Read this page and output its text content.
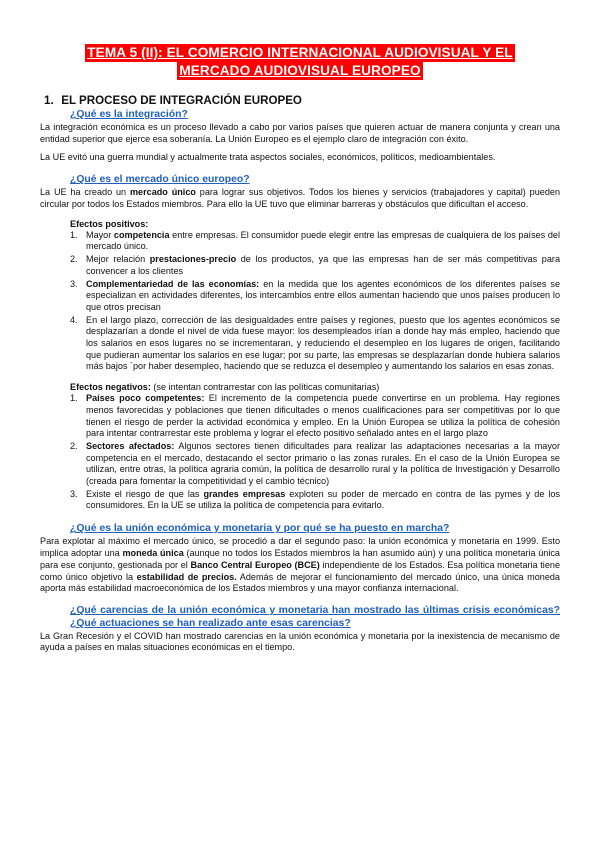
TEMA 5 (II): EL COMERCIO INTERNACIONAL AUDIOVISUAL Y EL
MERCADO AUDIOVISUAL EUROPEO
1. EL PROCESO DE INTEGRACIÓN EUROPEO
¿Qué es la integración?

La integración económica es un proceso llevado a cabo por varios países que quieren actuar de manera conjunta y crean una entidad superior que ejerce esa soberanía. La Unión Europeo es el ejemplo claro de integración con éxito.

La UE evitó una guerra mundial y actualmente trata aspectos sociales, económicos, políticos, medioambientales.

¿Qué es el mercado único europeo?

La UE ha creado un mercado único para lograr sus objetivos. Todos los bienes y servicios (trabajadores y capital) pueden circular por todos los Estados miembros. Para ello la UE tuvo que eliminar barreras y obstáculos que dificultan el acceso.

Efectos positivos:
1. Mayor competencia entre empresas. El consumidor puede elegir entre las empresas de cualquiera de los países del mercado único.
2. Mejor relación prestaciones-precio de los productos, ya que las empresas han de ser más competitivas para convencer a los clientes
3. Complementariedad de las economías: en la medida que los agentes económicos de los diferentes países se especializan en actividades diferentes, los intercambios entre ellos aumentan haciendo que unos países producen lo que otros precisan
4. En el largo plazo, corrección de las desigualdades entre países y regiones, puesto que los agentes económicos se desplazarían a donde el nivel de vida fuese mayor: los desempleados irían a donde hay más empleo, haciendo que los salarios en esos lugares no se incrementaran, y reduciendo el desempleo en los lugares de origen, facilitando que pudieran aumentar los salarios en ese lugar; por su parte, las empresas se desplazarían donde hubiera salarios más bajos `por haber desempleo, haciendo que se reduzca el desempleo y aumentando los salarios en esas zonas.
Efectos negativos: (se intentan contrarrestar con las políticas comunitarias)
1. Países poco competentes: El incremento de la competencia puede convertirse en un problema. Hay regiones menos favorecidas y poblaciones que tienen dificultades o menos cualificaciones para ser competitivas por lo que tienen el riesgo de perder la actividad económica y empleo. En la Unión Europea se utiliza la política de cohesión para intentar contrarrestar este problema y lograr el efecto positivo señalado antes en el largo plazo
2. Sectores afectados: Algunos sectores tienen dificultades para realizar las adaptaciones necesarias a la mayor competencia en el mercado, destacando el sector primario o las zonas rurales. En el caso de la Unión Europea se utilizan, entre otras, la política agraria común, la política de desarrollo rural y la política de Investigación y Desarrollo (creada para fomentar la competitividad y el cambio técnico)
3. Existe el riesgo de que las grandes empresas exploten su poder de mercado en contra de las pymes y de los consumidores. En la UE se utiliza la política de competencia para evitarlo.
¿Qué es la unión económica y monetaria y por qué se ha puesto en marcha?

Para explotar al máximo el mercado único, se procedió a dar el segundo paso: la unión económica y monetaria en 1999. Esto implica adoptar una moneda única (aunque no todos los Estados miembros la han asumido aún) y una política monetaria única para ese conjunto, gestionada por el Banco Central Europeo (BCE) independiente de los Estados. Esa política monetaria tiene como único objetivo la estabilidad de precios. Además de mejorar el funcionamiento del mercado único, una única moneda aporta más estabilidad macroeconómica de los Estados miembros y una mayor confianza internacional.

¿Qué carencias de la unión económica y monetaria han mostrado las últimas crisis económicas? ¿Qué actuaciones se han realizado ante esas carencias?

La Gran Recesión y el COVID han mostrado carencias en la unión económica y monetaria por la inexistencia de mecanismo de ayuda a países en malas situaciones económicas en el tiempo.
